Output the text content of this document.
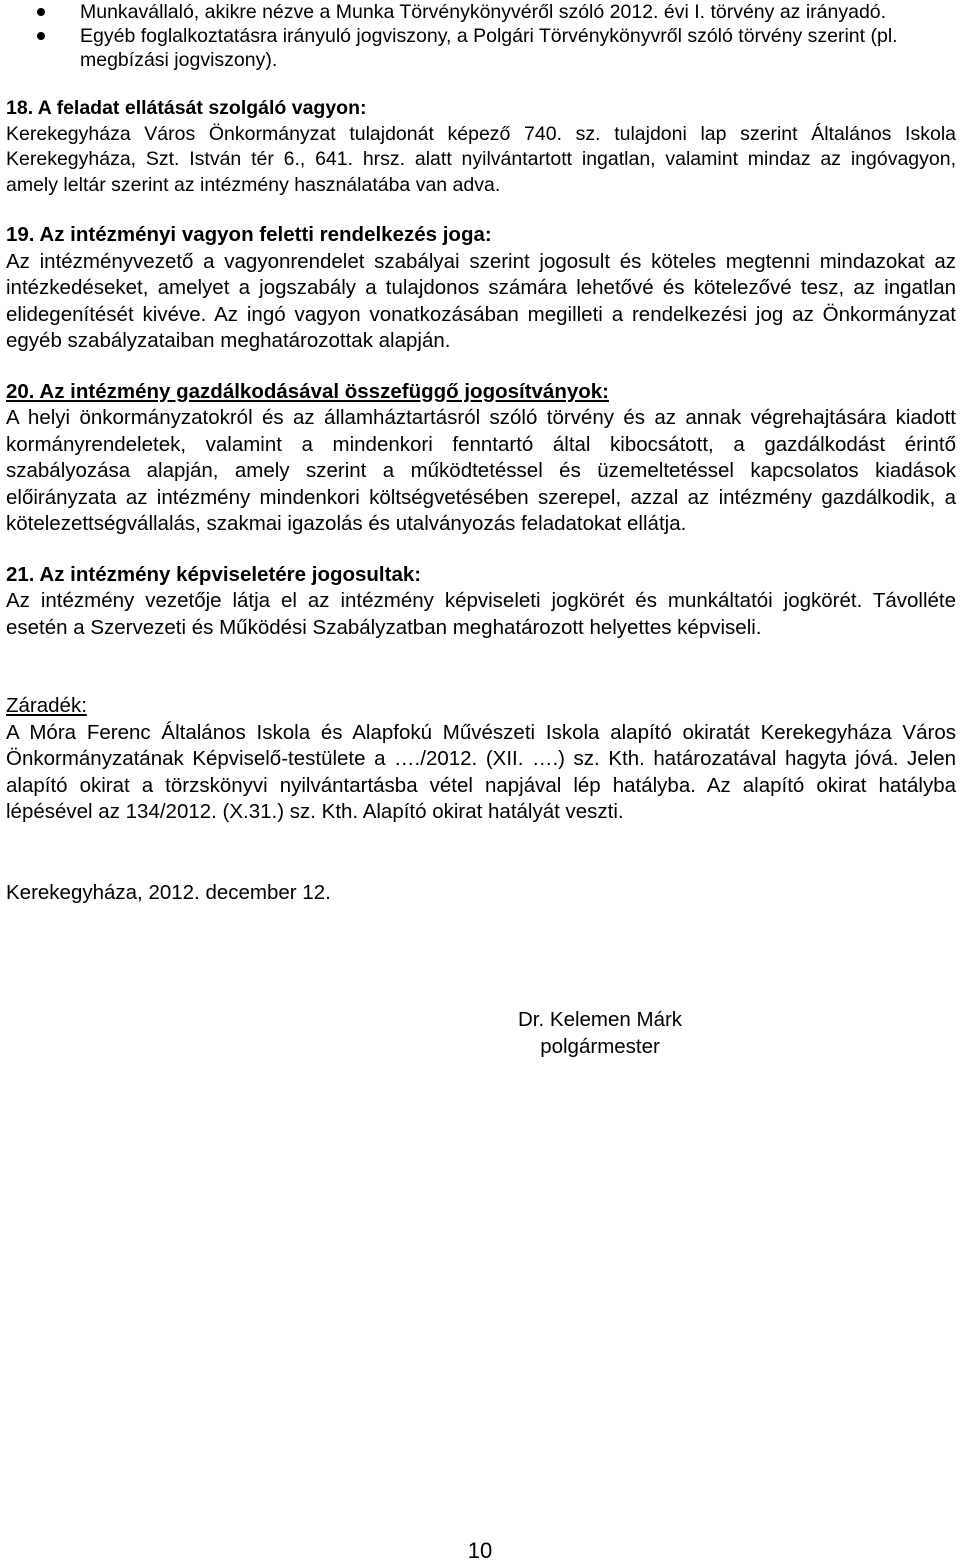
Munkavállaló, akikre nézve a Munka Törvénykönyvéről szóló 2012. évi I. törvény az irányadó.
Egyéb foglalkoztatásra irányuló jogviszony, a Polgári Törvénykönyvről szóló törvény szerint (pl. megbízási jogviszony).
18. A feladat ellátását szolgáló vagyon:

Kerekegyháza Város Önkormányzat tulajdonát képező 740. sz. tulajdoni lap szerint Általános Iskola Kerekegyháza, Szt. István tér 6., 641. hrsz. alatt nyilvántartott ingatlan, valamint mindaz az ingóvagyon, amely leltár szerint az intézmény használatába van adva.

19. Az intézményi vagyon feletti rendelkezés joga:

Az intézményvezető a vagyonrendelet szabályai szerint jogosult és köteles megtenni mindazokat az intézkedéseket, amelyet a jogszabály a tulajdonos számára lehetővé és kötelezővé tesz, az ingatlan elidegenítését kivéve. Az ingó vagyon vonatkozásában megilleti a rendelkezési jog az Önkormányzat egyéb szabályzataiban meghatározottak alapján.

20. Az intézmény gazdálkodásával összefüggő jogosítványok:

A helyi önkormányzatokról és az államháztartásról szóló törvény és az annak végrehajtására kiadott kormányrendeletek, valamint a mindenkori fenntartó által kibocsátott, a gazdálkodást érintő szabályozása alapján, amely szerint a működtetéssel és üzemeltetéssel kapcsolatos kiadások előirányzata az intézmény mindenkori költségvetésében szerepel, azzal az intézmény gazdálkodik, a kötelezettségvállalás, szakmai igazolás és utalványozás feladatokat ellátja.

21. Az intézmény képviseletére jogosultak:

Az intézmény vezetője látja el az intézmény képviseleti jogkörét és munkáltatói jogkörét. Távolléte esetén a Szervezeti és Működési Szabályzatban meghatározott helyettes képviseli.

Záradék:

A Móra Ferenc Általános Iskola és Alapfokú Művészeti Iskola alapító okiratát Kerekegyháza Város Önkormányzatának Képviselő-testülete a …./2012. (XII. ….) sz. Kth. határozatával hagyta jóvá. Jelen alapító okirat a törzskönyvi nyilvántartásba vétel napjával lép hatályba. Az alapító okirat hatályba lépésével az 134/2012. (X.31.) sz. Kth. Alapító okirat hatályát veszti.

Kerekegyháza, 2012. december 12.
Dr. Kelemen Márk
polgármester
10
